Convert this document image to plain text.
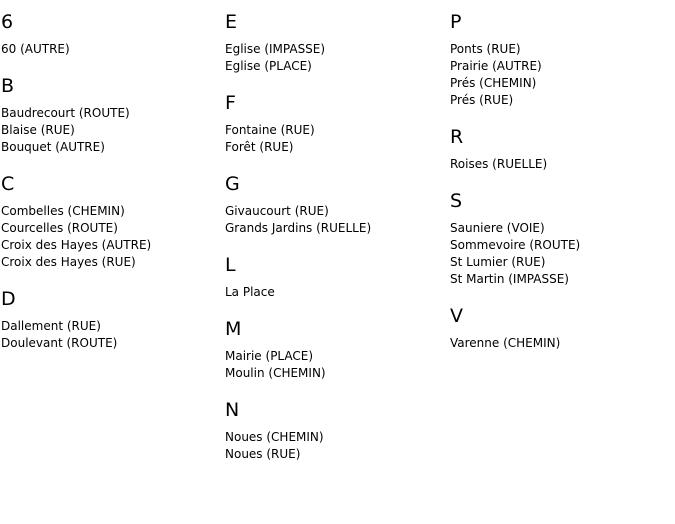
6
60 (AUTRE)
B
Baudrecourt (ROUTE)
Blaise (RUE)
Bouquet (AUTRE)
C
Combelles (CHEMIN)
Courcelles (ROUTE)
Croix des Hayes (AUTRE)
Croix des Hayes (RUE)
D
Dallement (RUE)
Doulevant (ROUTE)
E
Eglise (IMPASSE)
Eglise (PLACE)
F
Fontaine (RUE)
Forêt (RUE)
G
Givaucourt (RUE)
Grands Jardins (RUELLE)
L
La Place
M
Mairie (PLACE)
Moulin (CHEMIN)
N
Noues (CHEMIN)
Noues (RUE)
P
Ponts (RUE)
Prairie (AUTRE)
Prés (CHEMIN)
Prés (RUE)
R
Roises (RUELLE)
S
Sauniere (VOIE)
Sommevoire (ROUTE)
St Lumier (RUE)
St Martin (IMPASSE)
V
Varenne (CHEMIN)
